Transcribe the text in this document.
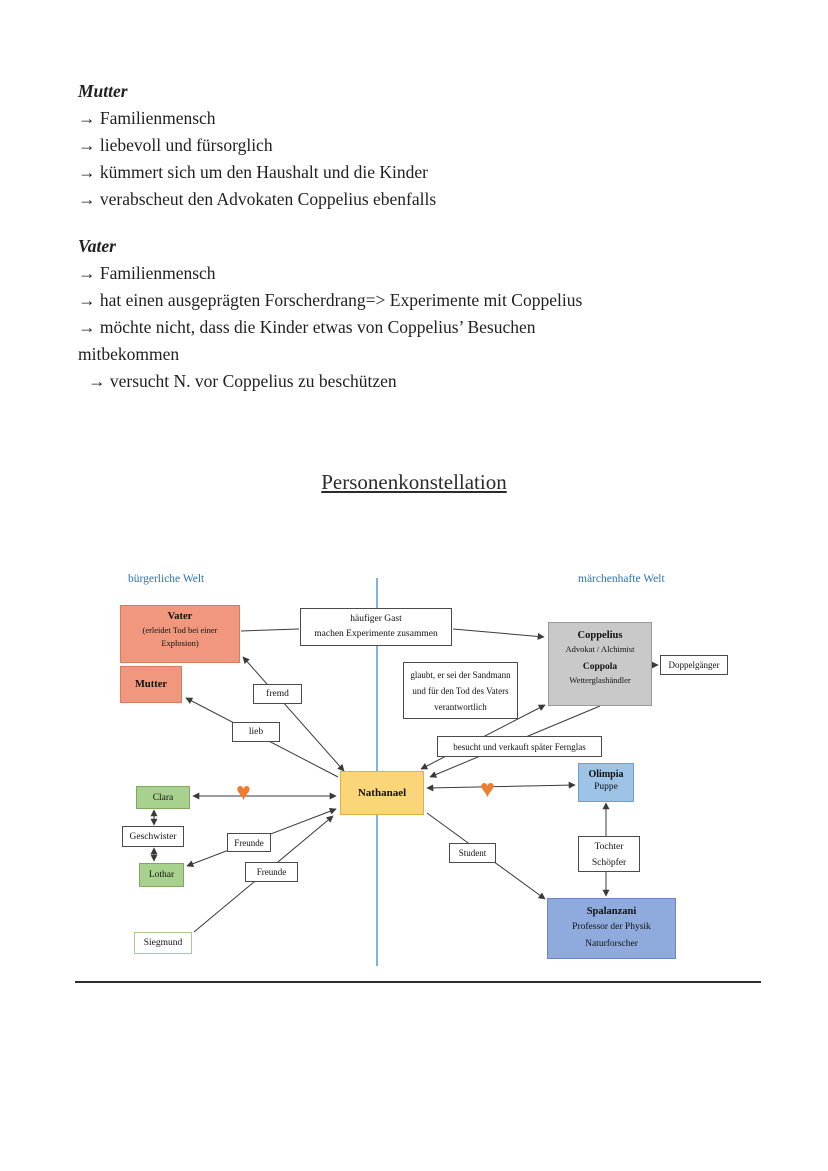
Mutter
→ Familienmensch
→ liebevoll und fürsorglich
→ kümmert sich um den Haushalt und die Kinder
→ verabscheut den Advokaten Coppelius ebenfalls
Vater
→ Familienmensch
→ hat einen ausgeprägten Forscherdrang=> Experimente mit Coppelius
→ möchte nicht, dass die Kinder etwas von Coppelius’ Besuchen
mitbekommen
→ versucht N. vor Coppelius zu beschützen
Personenkonstellation
bürgerliche Welt	märchenhafte Welt
Vater
(erleidet Tod bei einer
Explosion)
häufiger Gast
machen Experimente zusammen	Coppelius
Advokat / Alchimist
Coppola
Wetterglashändler
Doppelgänger
Mutter
glaubt, er sei der Sandmann
und für den Tod des Vaters
verantwortlich
fremd
lieb
besucht und verkauft später Fernglas
Nathanael
Olimpia
Puppe
Clara	♥	♥
Geschwister
Freunde
Student
Tochter
Schöpfer
Lothar	Freunde
Spalanzani
Professor der Physik
Naturforscher
Siegmund
